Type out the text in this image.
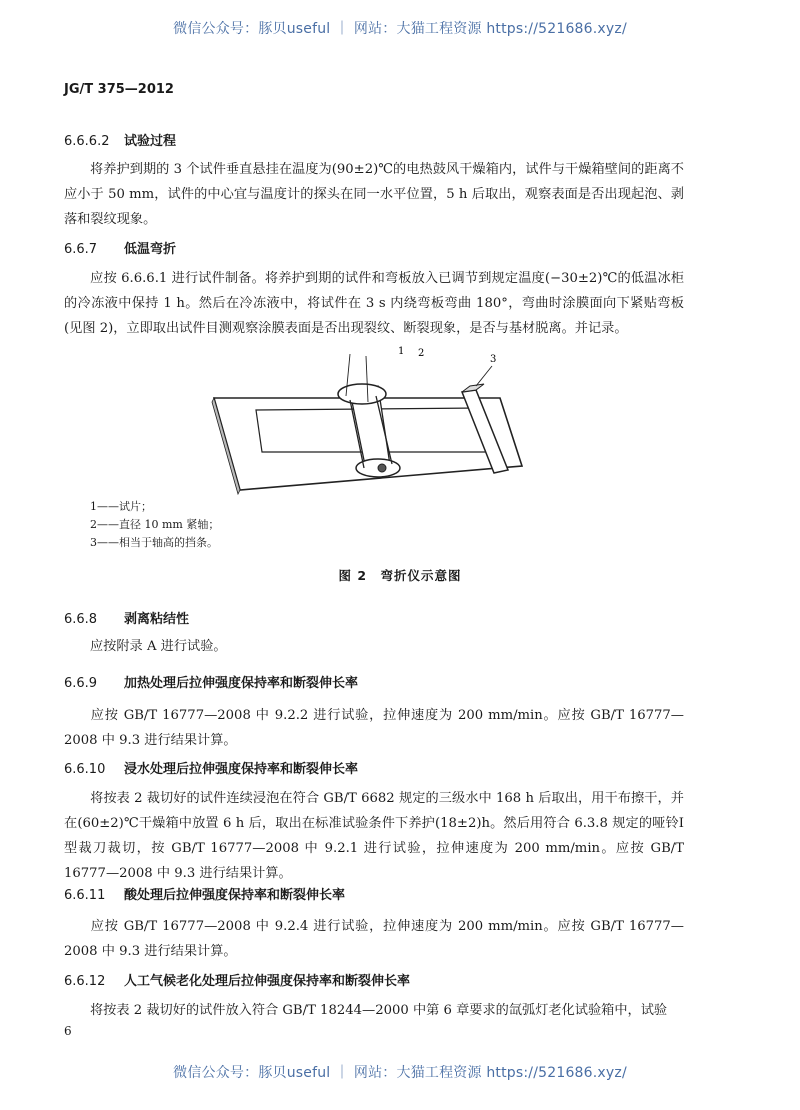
微信公众号：豚贝useful ｜ 网站：大猫工程资源 https://521686.xyz/
JG/T 375—2012
6.6.6.2 试验过程
将养护到期的 3 个试件垂直悬挂在温度为(90±2)℃的电热鼓风干燥箱内，试件与干燥箱壁间的距离不应小于 50 mm，试件的中心宜与温度计的探头在同一水平位置，5 h 后取出，观察表面是否出现起泡、剥落和裂纹现象。
6.6.7 低温弯折
应按 6.6.6.1 进行试件制备。将养护到期的试件和弯板放入已调节到规定温度(−30±2)℃的低温冰柜的冷冻液中保持 1 h。然后在冷冻液中，将试件在 3 s 内绕弯板弯曲 180°，弯曲时涂膜面向下紧贴弯板(见图 2)，立即取出试件目测观察涂膜表面是否出现裂纹、断裂现象，是否与基材脱离。并记录。
1 2
3
1——试片；
2——直径 10 mm 紧轴；
3——相当于轴高的挡条。
图 2　弯折仪示意图
6.6.8 剥离粘结性
应按附录 A 进行试验。
6.6.9 加热处理后拉伸强度保持率和断裂伸长率
应按 GB/T 16777—2008 中 9.2.2 进行试验，拉伸速度为 200 mm/min。应按 GB/T 16777—2008 中 9.3 进行结果计算。
6.6.10 浸水处理后拉伸强度保持率和断裂伸长率
将按表 2 裁切好的试件连续浸泡在符合 GB/T 6682 规定的三级水中 168 h 后取出，用干布擦干，并在(60±2)℃干燥箱中放置 6 h 后，取出在标准试验条件下养护(18±2)h。然后用符合 6.3.8 规定的哑铃Ⅰ型裁刀裁切，按 GB/T 16777—2008 中 9.2.1 进行试验，拉伸速度为 200 mm/min。应按 GB/T 16777—2008 中 9.3 进行结果计算。
6.6.11 酸处理后拉伸强度保持率和断裂伸长率
应按 GB/T 16777—2008 中 9.2.4 进行试验，拉伸速度为 200 mm/min。应按 GB/T 16777—2008 中 9.3 进行结果计算。
6.6.12 人工气候老化处理后拉伸强度保持率和断裂伸长率
将按表 2 裁切好的试件放入符合 GB/T 18244—2000 中第 6 章要求的氙弧灯老化试验箱中，试验
6
微信公众号：豚贝useful ｜ 网站：大猫工程资源 https://521686.xyz/
